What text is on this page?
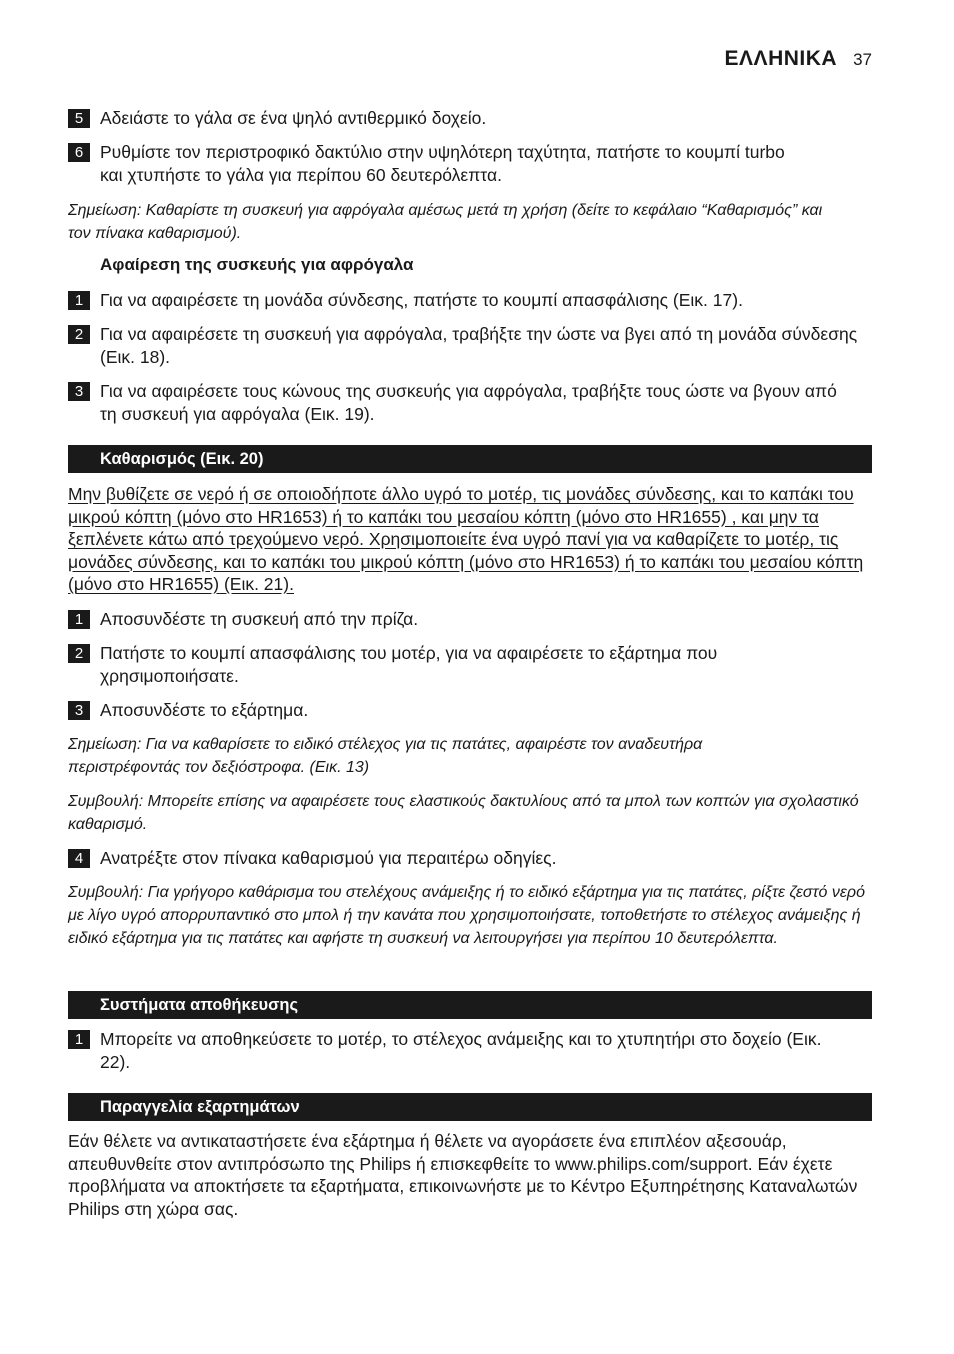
ΕΛΛΗΝΙΚΑ 37
5 Αδειάστε το γάλα σε ένα ψηλό αντιθερμικό δοχείο.
6 Ρυθμίστε τον περιστροφικό δακτύλιο στην υψηλότερη ταχύτητα, πατήστε το κουμπί turbo και χτυπήστε το γάλα για περίπου 60 δευτερόλεπτα.
Σημείωση: Καθαρίστε τη συσκευή για αφρόγαλα αμέσως μετά τη χρήση (δείτε το κεφάλαιο “Καθαρισμός” και τον πίνακα καθαρισμού).
Αφαίρεση της συσκευής για αφρόγαλα
1 Για να αφαιρέσετε τη μονάδα σύνδεσης, πατήστε το κουμπί απασφάλισης (Εικ. 17).
2 Για να αφαιρέσετε τη συσκευή για αφρόγαλα, τραβήξτε την ώστε να βγει από τη μονάδα σύνδεσης (Εικ. 18).
3 Για να αφαιρέσετε τους κώνους της συσκευής για αφρόγαλα, τραβήξτε τους ώστε να βγουν από τη συσκευή για αφρόγαλα (Εικ. 19).
Καθαρισμός (Εικ. 20)
Μην βυθίζετε σε νερό ή σε οποιοδήποτε άλλο υγρό το μοτέρ, τις μονάδες σύνδεσης, και το καπάκι του μικρού κόπτη (μόνο στο HR1653) ή το καπάκι του μεσαίου κόπτη (μόνο στο HR1655) , και μην τα ξεπλένετε κάτω από τρεχούμενο νερό. Χρησιμοποιείτε ένα υγρό πανί για να καθαρίζετε το μοτέρ, τις μονάδες σύνδεσης, και το καπάκι του μικρού κόπτη (μόνο στο HR1653) ή το καπάκι του μεσαίου κόπτη (μόνο στο HR1655) (Εικ. 21).
1 Αποσυνδέστε τη συσκευή από την πρίζα.
2 Πατήστε το κουμπί απασφάλισης του μοτέρ, για να αφαιρέσετε το εξάρτημα που χρησιμοποιήσατε.
3 Αποσυνδέστε το εξάρτημα.
Σημείωση: Για να καθαρίσετε το ειδικό στέλεχος για τις πατάτες, αφαιρέστε τον αναδευτήρα περιστρέφοντάς τον δεξιόστροφα. (Εικ. 13)
Συμβουλή: Μπορείτε επίσης να αφαιρέσετε τους ελαστικούς δακτυλίους από τα μπολ των κοπτών για σχολαστικό καθαρισμό.
4 Ανατρέξτε στον πίνακα καθαρισμού για περαιτέρω οδηγίες.
Συμβουλή: Για γρήγορο καθάρισμα του στελέχους ανάμειξης ή το ειδικό εξάρτημα για τις πατάτες, ρίξτε ζεστό νερό με λίγο υγρό απορρυπαντικό στο μπολ ή την κανάτα που χρησιμοποιήσατε, τοποθετήστε το στέλεχος ανάμειξης ή ειδικό εξάρτημα για τις πατάτες και αφήστε τη συσκευή να λειτουργήσει για περίπου 10 δευτερόλεπτα.
Συστήματα αποθήκευσης
1 Μπορείτε να αποθηκεύσετε το μοτέρ, το στέλεχος ανάμειξης και το χτυπητήρι στο δοχείο (Εικ. 22).
Παραγγελία εξαρτημάτων
Εάν θέλετε να αντικαταστήσετε ένα εξάρτημα ή θέλετε να αγοράσετε ένα επιπλέον αξεσουάρ, απευθυνθείτε στον αντιπρόσωπο της Philips ή επισκεφθείτε το www.philips.com/support. Εάν έχετε προβλήματα να αποκτήσετε τα εξαρτήματα, επικοινωνήστε με το Κέντρο Εξυπηρέτησης Καταναλωτών Philips στη χώρα σας.
